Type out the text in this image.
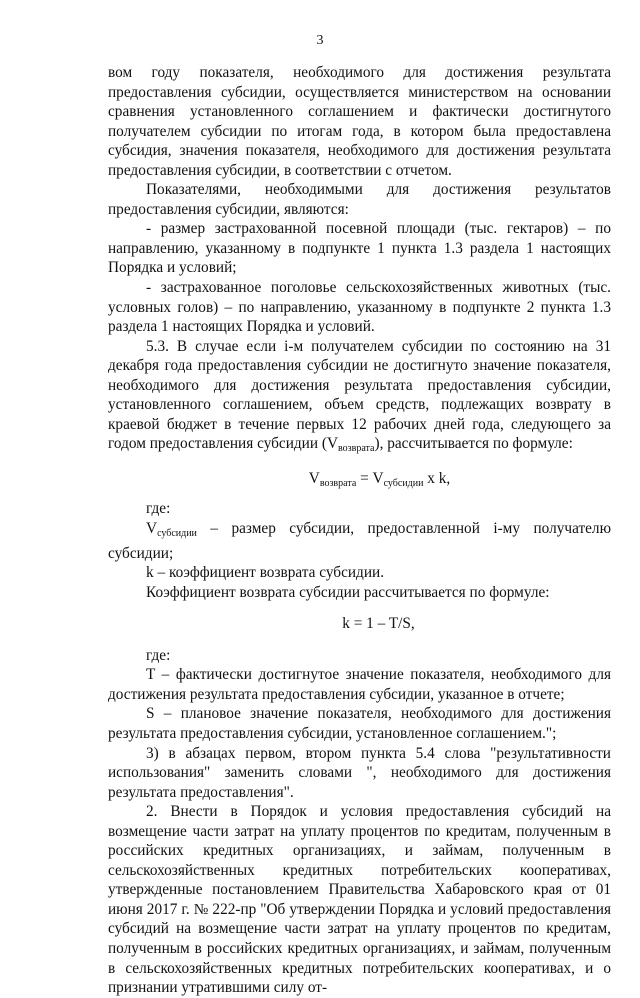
3

вом году показателя, необходимого для достижения результата предоставления субсидии, осуществляется министерством на основании сравнения установленного соглашением и фактически достигнутого получателем субсидии по итогам года, в котором была предоставлена субсидия, значения показателя, необходимого для достижения результата предоставления субсидии, в соответствии с отчетом.

Показателями, необходимыми для достижения результатов предоставления субсидии, являются:

- размер застрахованной посевной площади (тыс. гектаров) – по направлению, указанному в подпункте 1 пункта 1.3 раздела 1 настоящих Порядка и условий;

- застрахованное поголовье сельскохозяйственных животных (тыс. условных голов) – по направлению, указанному в подпункте 2 пункта 1.3 раздела 1 настоящих Порядка и условий.

5.3. В случае если i-м получателем субсидии по состоянию на 31 декабря года предоставления субсидии не достигнуто значение показателя, необходимого для достижения результата предоставления субсидии, установленного соглашением, объем средств, подлежащих возврату в краевой бюджет в течение первых 12 рабочих дней года, следующего за годом предоставления субсидии $(V_{возврата})$, рассчитывается по формуле:

$V_{возврата} = V_{субсидии}$ x k,

где:

$V_{субсидии}$ – размер субсидии, предоставленной i-му получателю субсидии;

k – коэффициент возврата субсидии.

Коэффициент возврата субсидии рассчитывается по формуле:

k = 1 – T/S,

где:

T – фактически достигнутое значение показателя, необходимого для достижения результата предоставления субсидии, указанное в отчете;

S – плановое значение показателя, необходимого для достижения результата предоставления субсидии, установленное соглашением.";

3) в абзацах первом, втором пункта 5.4 слова "результативности использования" заменить словами ", необходимого для достижения результата предоставления".

2. Внести в Порядок и условия предоставления субсидий на возмещение части затрат на уплату процентов по кредитам, полученным в российских кредитных организациях, и займам, полученным в сельскохозяйственных кредитных потребительских кооперативах, утвержденные постановлением Правительства Хабаровского края от 01 июня 2017 г. № 222-пр "Об утверждении Порядка и условий предоставления субсидий на возмещение части затрат на уплату процентов по кредитам, полученным в российских кредитных организациях, и займам, полученным в сельскохозяйственных кредитных потребительских кооперативах, и о признании утратившими силу от-
